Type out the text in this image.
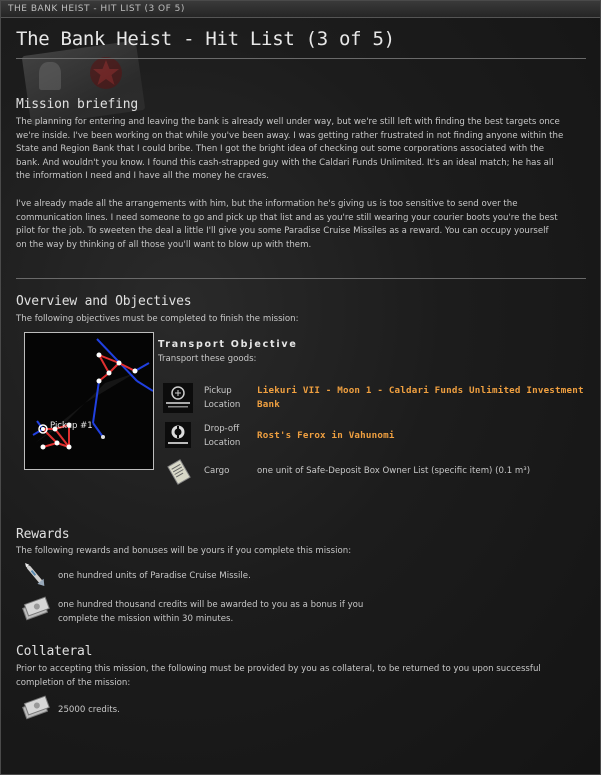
THE BANK HEIST - HIT LIST (3 OF 5)
The Bank Heist - Hit List (3 of 5)
Mission briefing
The planning for entering and leaving the bank is already well under way, but we're still left with finding the best targets once
we're inside. I've been working on that while you've been away. I was getting rather frustrated in not finding anyone within the
State and Region Bank that I could bribe. Then I got the bright idea of checking out some corporations associated with the
bank. And wouldn't you know. I found this cash-strapped guy with the Caldari Funds Unlimited. It's an ideal match; he has all
the information I need and I have all the money he craves.
I've already made all the arrangements with him, but the information he's giving us is too sensitive to send over the
communication lines. I need someone to go and pick up that list and as you're still wearing your courier boots you're the best
pilot for the job. To sweeten the deal a little I'll give you some Paradise Cruise Missiles as a reward. You can occupy yourself
on the way by thinking of all those you'll want to blow up with them.
Overview and Objectives
The following objectives must be completed to finish the mission:
Pickup #1
Transport Objective
Transport these goods:
Pickup
Location
Liekuri VII - Moon 1 - Caldari Funds Unlimited Investment
Bank
Drop-off
Location
Rost's Ferox in Vahunomi
Cargo	one unit of Safe-Deposit Box Owner List (specific item) (0.1 m³)
Rewards
The following rewards and bonuses will be yours if you complete this mission:
one hundred units of Paradise Cruise Missile.
one hundred thousand credits will be awarded to you as a bonus if you
complete the mission within 30 minutes.
Collateral
Prior to accepting this mission, the following must be provided by you as collateral, to be returned to you upon successful
completion of the mission:
25000 credits.
